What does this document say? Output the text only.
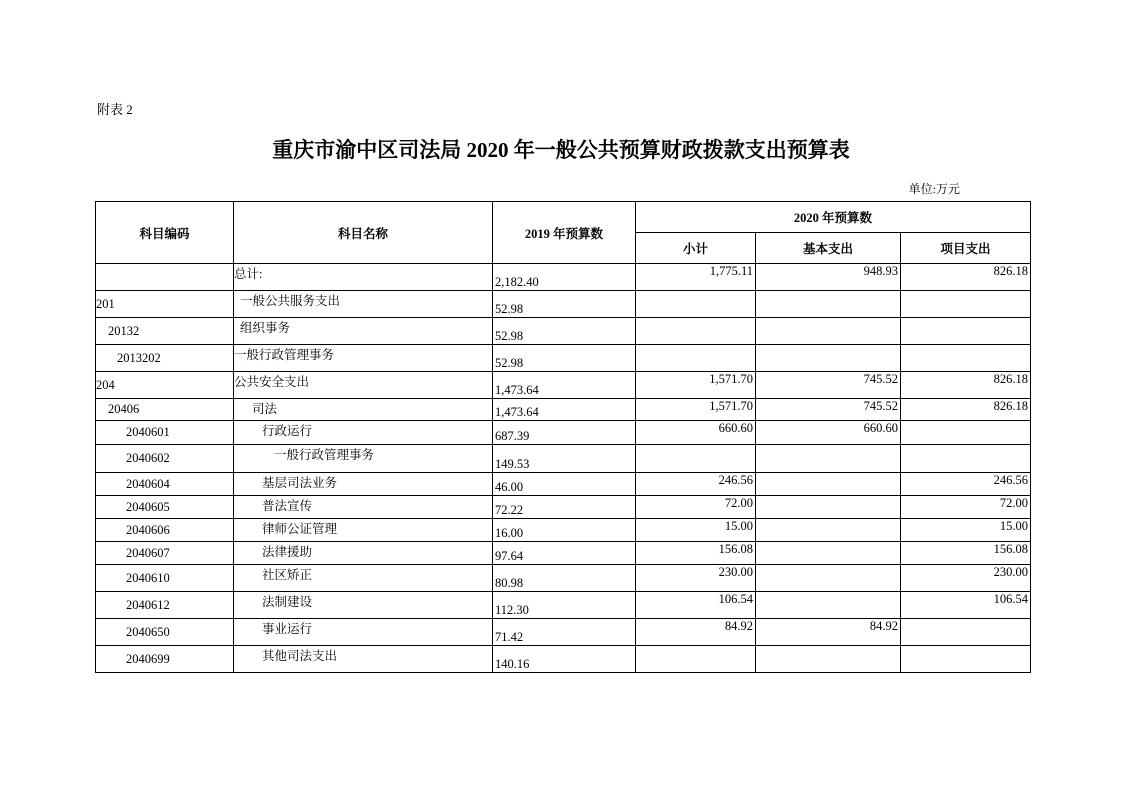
附表 2
重庆市渝中区司法局 2020 年一般公共预算财政拨款支出预算表
单位:万元
科目编码	科目名称	2019 年预算数	2020 年预算数		
			小计	基本支出	项目支出
	总计:	2,182.40	1,775.11	948.93	826.18
201	一般公共服务支出	52.98			
20132	组织事务	52.98			
2013202	一般行政管理事务	52.98			
204	公共安全支出	1,473.64	1,571.70	745.52	826.18
20406	司法	1,473.64	1,571.70	745.52	826.18
2040601	行政运行	687.39	660.60	660.60	
2040602	一般行政管理事务	149.53			
2040604	基层司法业务	46.00	246.56		246.56
2040605	普法宣传	72.22	72.00		72.00
2040606	律师公证管理	16.00	15.00		15.00
2040607	法律援助	97.64	156.08		156.08
2040610	社区矫正	80.98	230.00		230.00
2040612	法制建设	112.30	106.54		106.54
2040650	事业运行	71.42	84.92	84.92	
2040699	其他司法支出	140.16			
